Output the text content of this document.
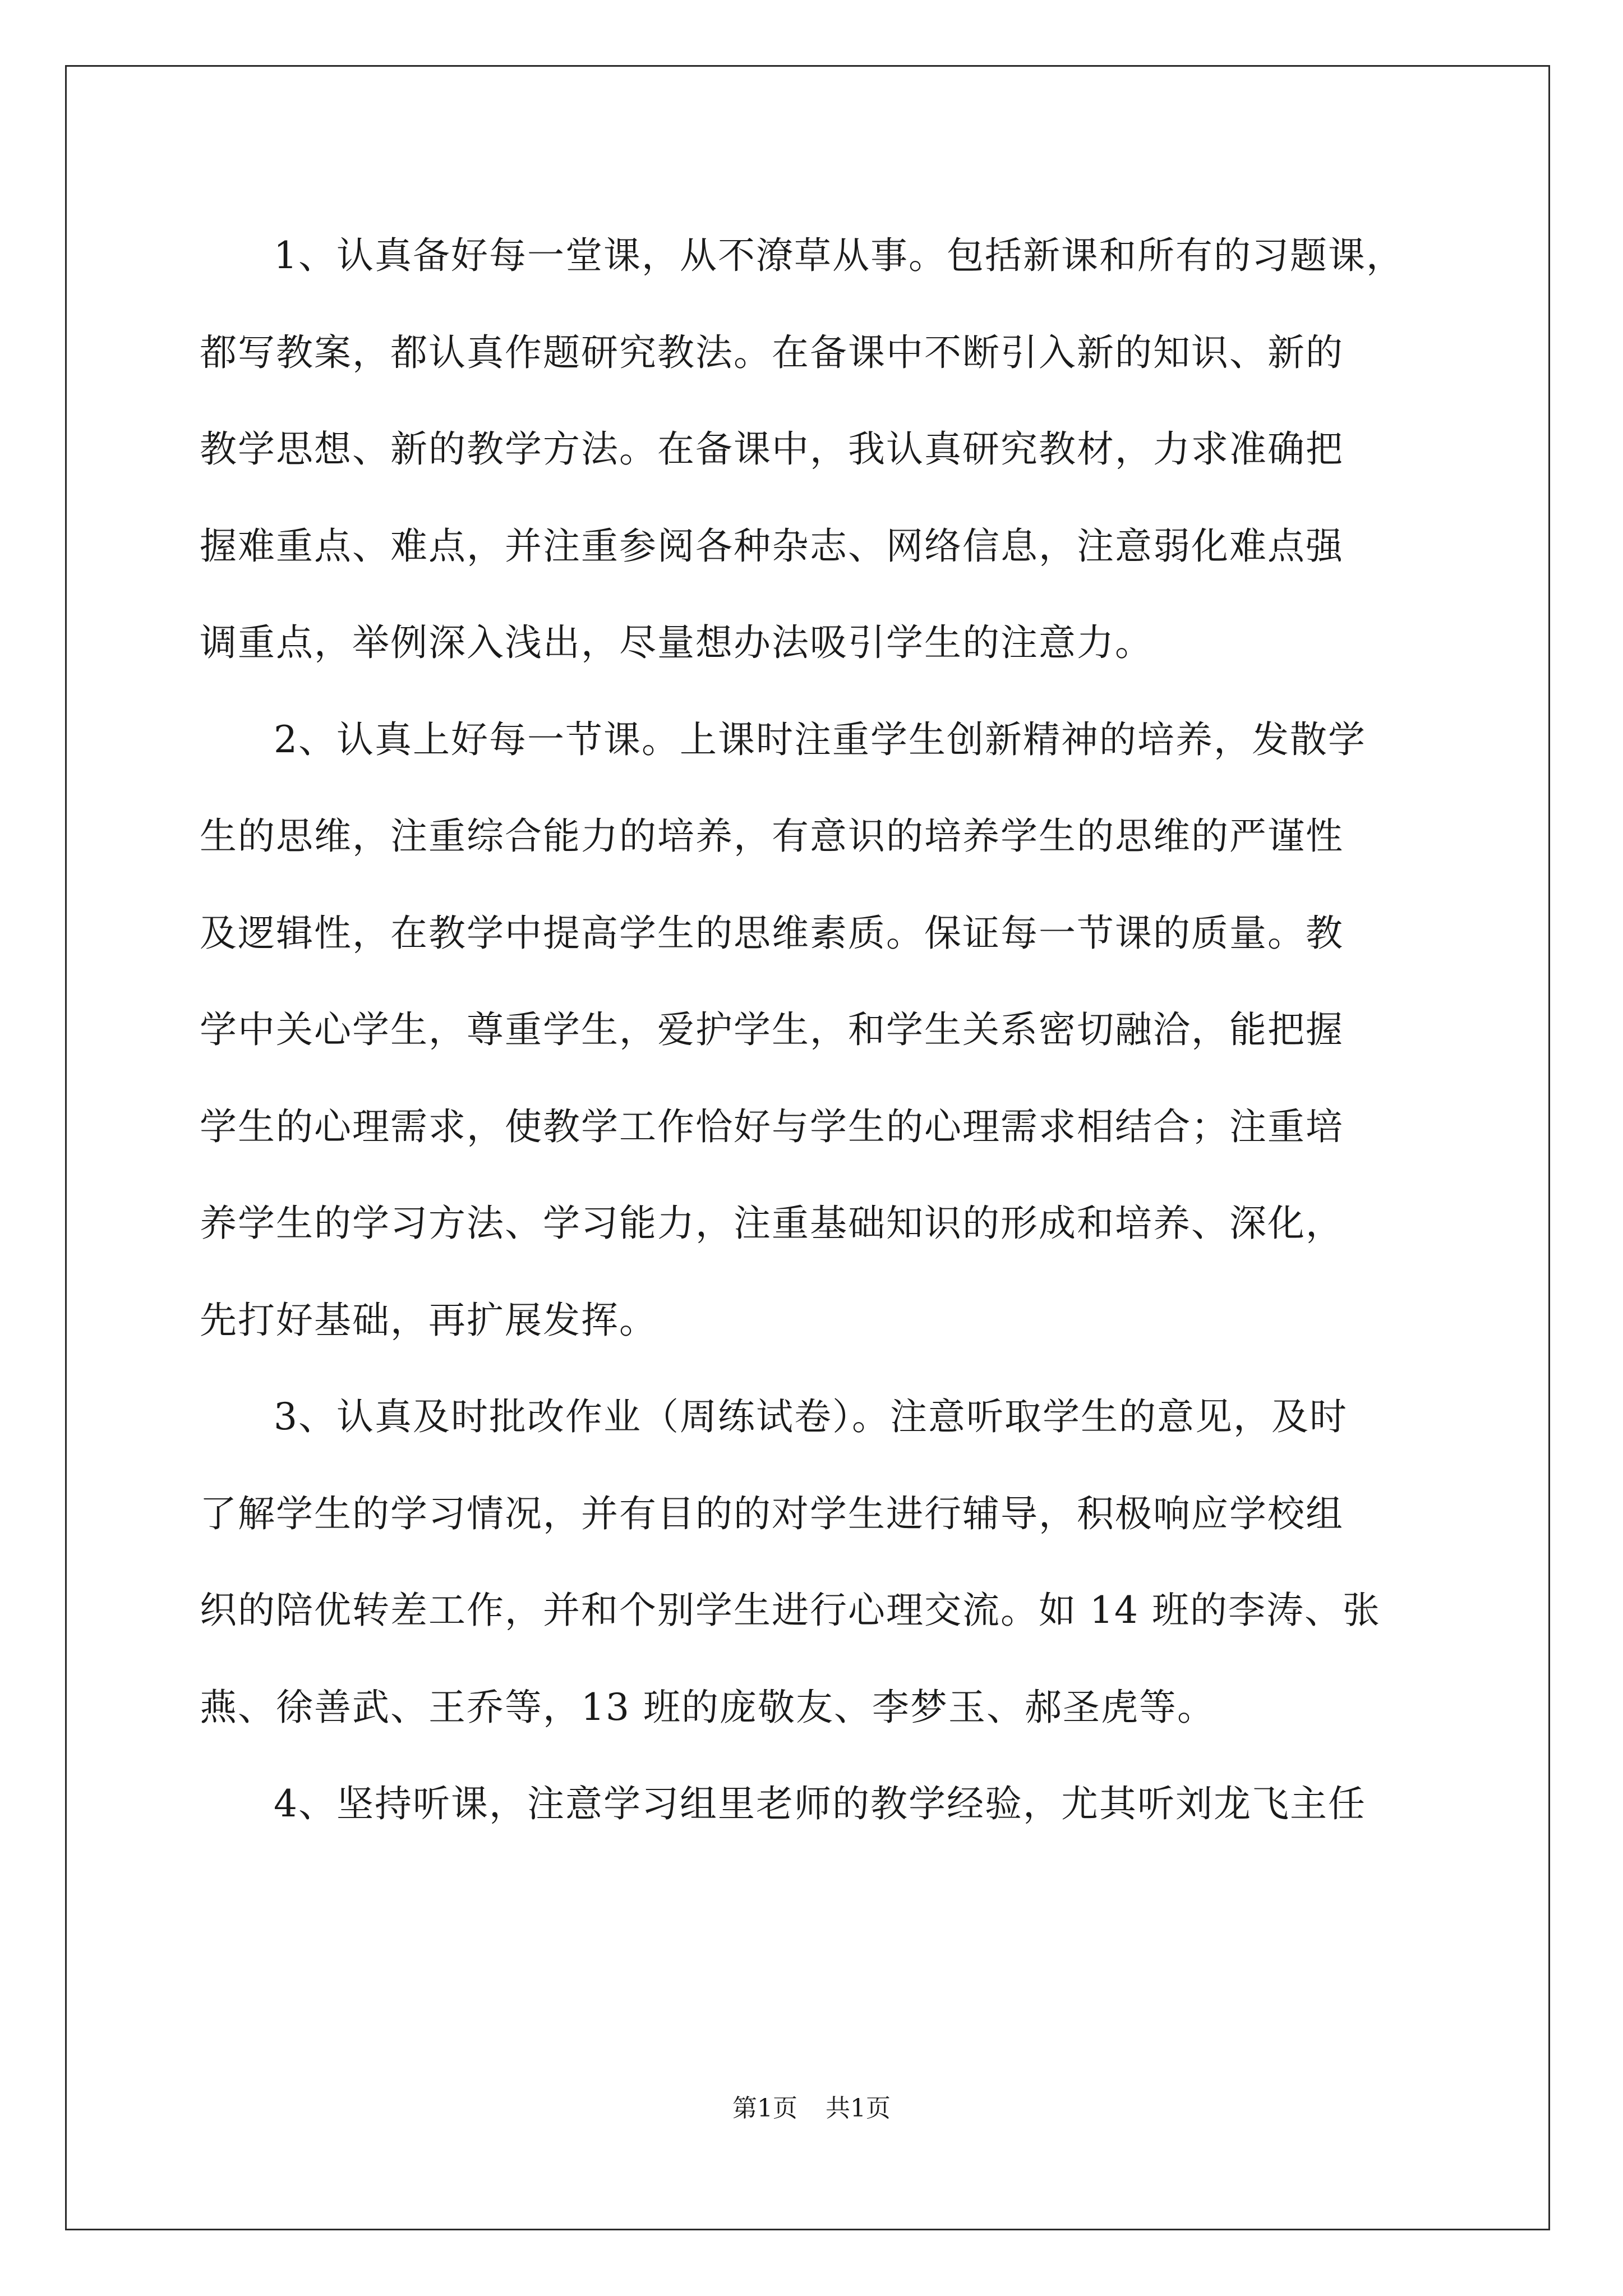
1、认真备好每一堂课，从不潦草从事。包括新课和所有的习题课，
都写教案，都认真作题研究教法。在备课中不断引入新的知识、新的
教学思想、新的教学方法。在备课中，我认真研究教材，力求准确把
握难重点、难点，并注重参阅各种杂志、网络信息，注意弱化难点强
调重点，举例深入浅出，尽量想办法吸引学生的注意力。
2、认真上好每一节课。上课时注重学生创新精神的培养，发散学
生的思维，注重综合能力的培养，有意识的培养学生的思维的严谨性
及逻辑性，在教学中提高学生的思维素质。保证每一节课的质量。教
学中关心学生，尊重学生，爱护学生，和学生关系密切融洽，能把握
学生的心理需求，使教学工作恰好与学生的心理需求相结合；注重培
养学生的学习方法、学习能力，注重基础知识的形成和培养、深化，
先打好基础，再扩展发挥。
3、认真及时批改作业（周练试卷）。注意听取学生的意见，及时
了解学生的学习情况，并有目的的对学生进行辅导，积极响应学校组
织的陪优转差工作，并和个别学生进行心理交流。如 14 班的李涛、张
燕、徐善武、王乔等，13 班的庞敬友、李梦玉、郝圣虎等。
4、坚持听课，注意学习组里老师的教学经验，尤其听刘龙飞主任
第1页 共1页
